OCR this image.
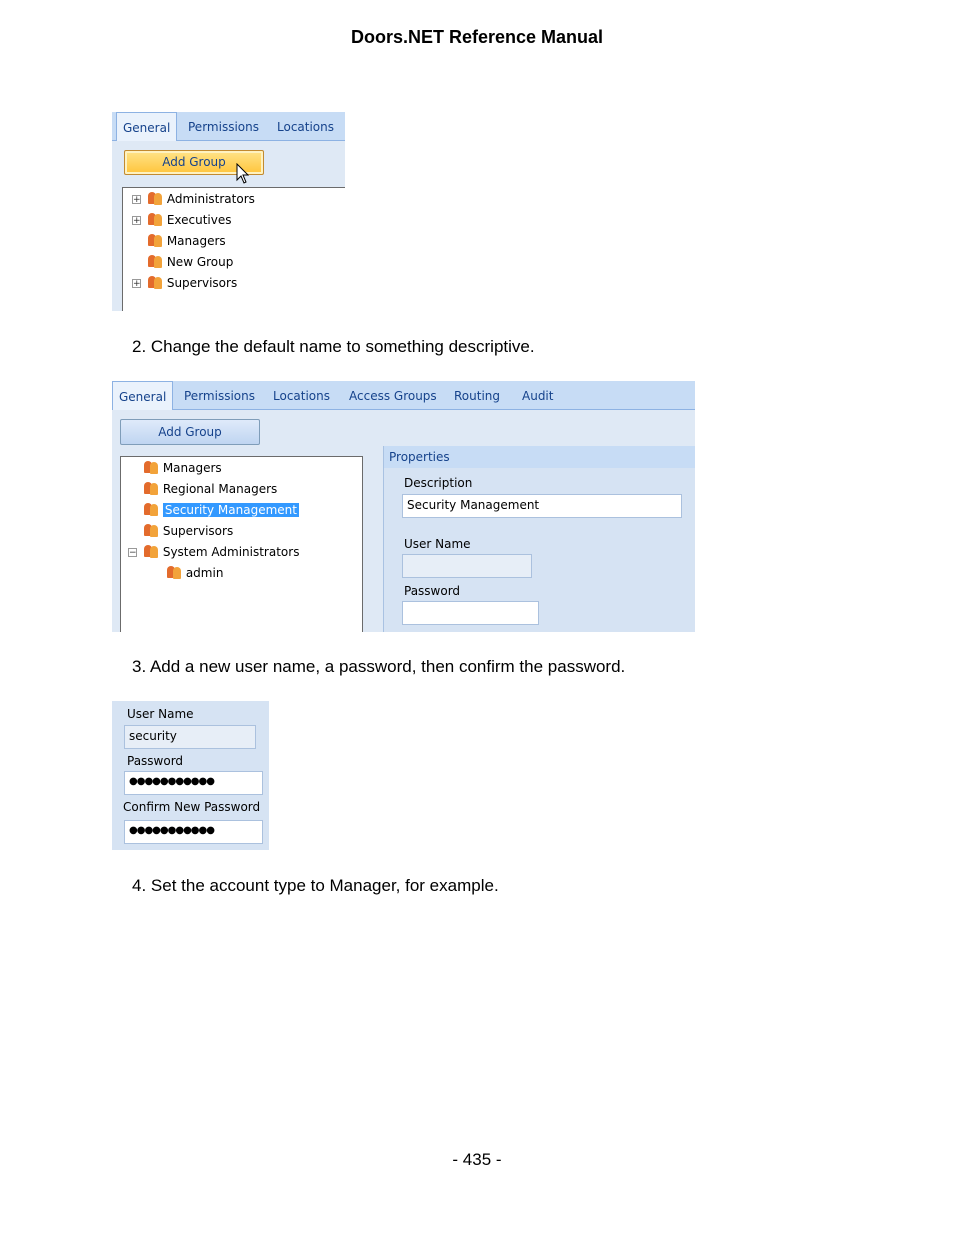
Doors.NET Reference Manual
General	Permissions Locations
Add Group
+	Administrators
+	Executives
Managers
New Group
+	Supervisors
2. Change the default name to something descriptive.
General	Permissions Locations Access Groups Routing Audit
Add Group
Managers
Regional Managers
Security Management
Supervisors
−	System Administrators
admin
Properties
Description
Security Management
User Name
Password
3. Add a new user name, a password, then confirm the password.
User Name
security
Password
●●●●●●●●●●●
Confirm New Password
●●●●●●●●●●●
4. Set the account type to Manager, for example.
- 435 -
